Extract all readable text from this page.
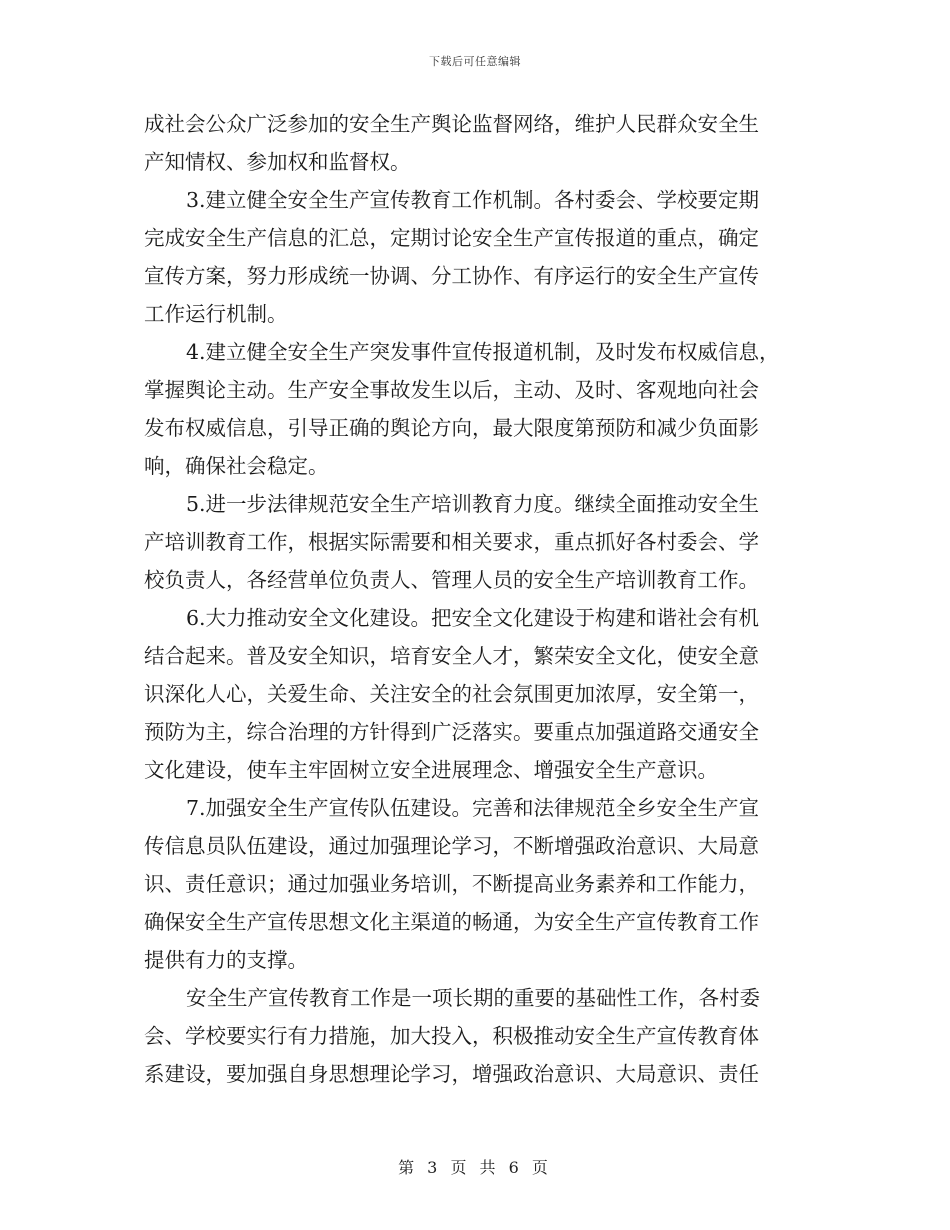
下载后可任意编辑
成社会公众广泛参加的安全生产舆论监督网络，维护人民群众安全生
产知情权、参加权和监督权。
3.建立健全安全生产宣传教育工作机制。各村委会、学校要定期
完成安全生产信息的汇总，定期讨论安全生产宣传报道的重点，确定
宣传方案，努力形成统一协调、分工协作、有序运行的安全生产宣传
工作运行机制。
4.建立健全安全生产突发事件宣传报道机制，及时发布权威信息，
掌握舆论主动。生产安全事故发生以后，主动、及时、客观地向社会
发布权威信息，引导正确的舆论方向，最大限度第预防和减少负面影
响，确保社会稳定。
5.进一步法律规范安全生产培训教育力度。继续全面推动安全生
产培训教育工作，根据实际需要和相关要求，重点抓好各村委会、学
校负责人，各经营单位负责人、管理人员的安全生产培训教育工作。
6.大力推动安全文化建设。把安全文化建设于构建和谐社会有机
结合起来。普及安全知识，培育安全人才，繁荣安全文化，使安全意
识深化人心，关爱生命、关注安全的社会氛围更加浓厚，安全第一，
预防为主，综合治理的方针得到广泛落实。要重点加强道路交通安全
文化建设，使车主牢固树立安全进展理念、增强安全生产意识。
7.加强安全生产宣传队伍建设。完善和法律规范全乡安全生产宣
传信息员队伍建设，通过加强理论学习，不断增强政治意识、大局意
识、责任意识；通过加强业务培训，不断提高业务素养和工作能力，
确保安全生产宣传思想文化主渠道的畅通，为安全生产宣传教育工作
提供有力的支撑。
安全生产宣传教育工作是一项长期的重要的基础性工作，各村委
会、学校要实行有力措施，加大投入，积极推动安全生产宣传教育体
系建设，要加强自身思想理论学习，增强政治意识、大局意识、责任
第 3 页 共 6 页
